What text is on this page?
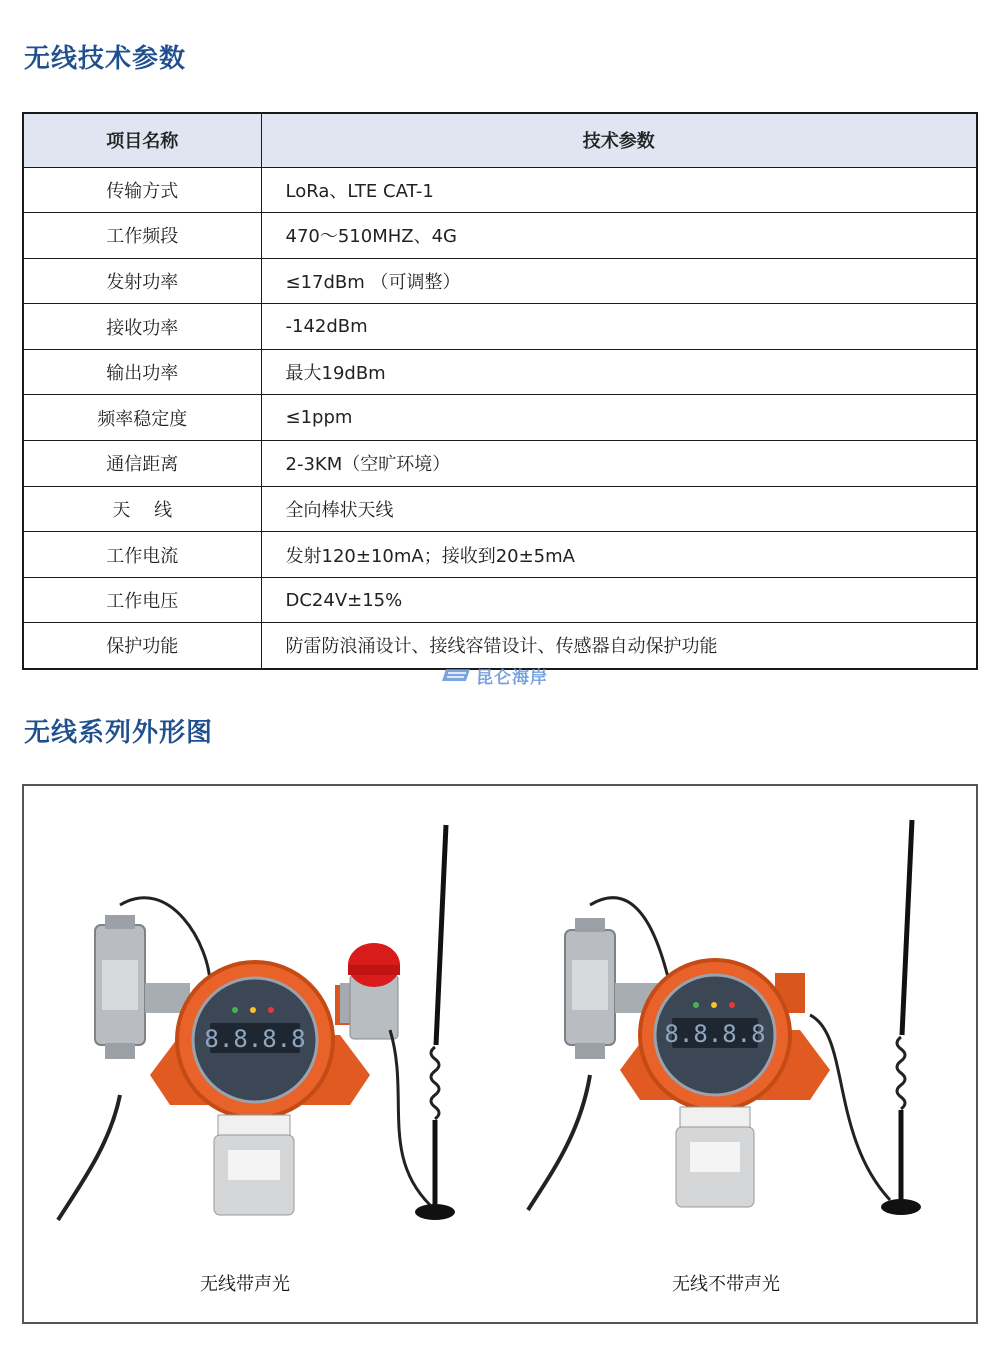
无线技术参数
项目名称	技术参数
传输方式	LoRa、LTE CAT-1
工作频段	470～510MHZ、4G
发射功率	≤17dBm （可调整）
接收功率	-142dBm
输出功率	最大19dBm
频率稳定度	≤1ppm
通信距离	2-3KM（空旷环境）
天　 线	全向棒状天线
工作电流	发射120±10mA；接收到20±5mA
工作电压	DC24V±15%
保护功能	防雷防浪涌设计、接线容错设计、传感器自动保护功能
昆仑海岸
无线系列外形图
8.8.8.8	8.8.8.8
无线带声光	无线不带声光
